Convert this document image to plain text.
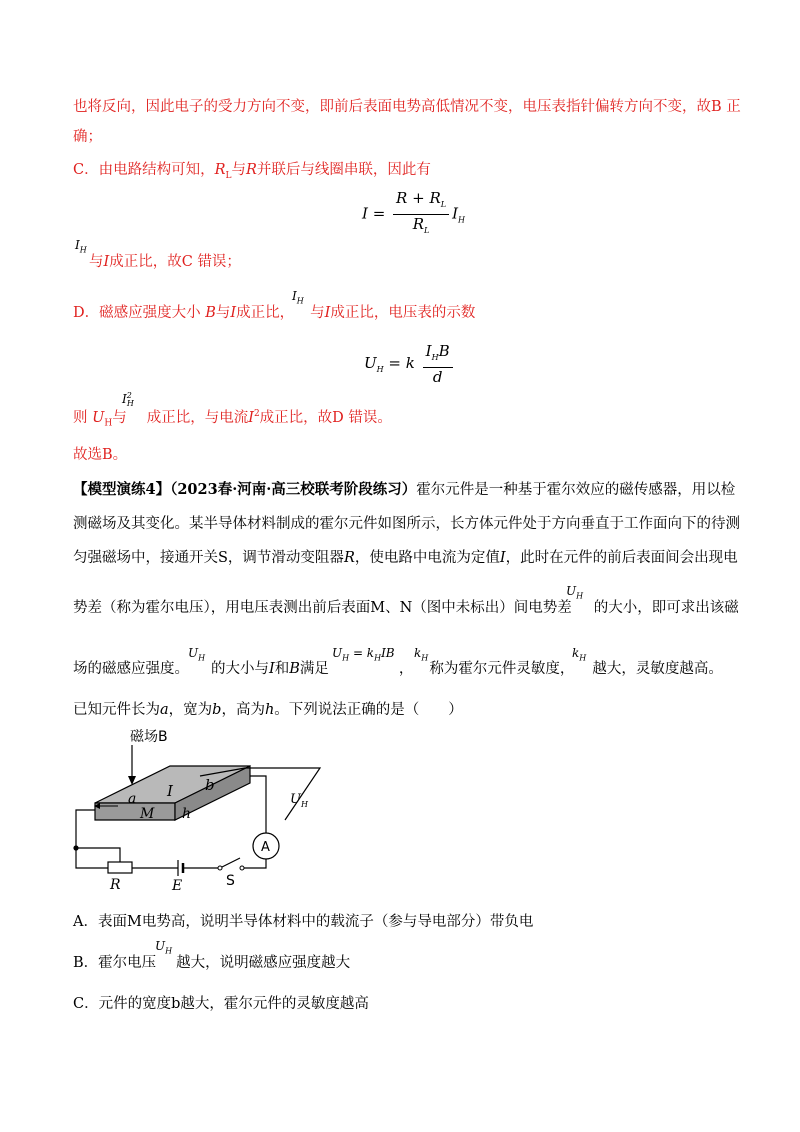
也将反向，因此电子的受力方向不变，即前后表面电势高低情况不变，电压表指针偏转方向不变，故B 正
确；
C．由电路结构可知，$R_L$与R并联后与线圈串联，因此有
$I = \frac{R + R_L}{R_L} I_H$
$I_H$
与I成正比，故C 错误；
D．磁感应强度大小 B与I成正比， 与I成正比，电压表的示数
$I_H$
$U_H = k \frac{I_HB}{d}$
则 $U_H$与 成正比，与电流$I^2$成正比，故D 错误。
$I^2_H$
故选B。
【模型演练4】（2023春·河南·高三校联考阶段练习）霍尔元件是一种基于霍尔效应的磁传感器，用以检
测磁场及其变化。某半导体材料制成的霍尔元件如图所示，长方体元件处于方向垂直于工作面向下的待测
匀强磁场中，接通开关S，调节滑动变阻器R，使电路中电流为定值I，此时在元件的前后表面间会出现电
势差（称为霍尔电压），用电压表测出前后表面M、N（图中未标出）间电势差 的大小，即可求出该磁
$U_H$
场的磁感应强度。 的大小与I和B满足	， 称为霍尔元件灵敏度， 越大，灵敏度越高。
$U_H$	$U_H = k_HIB$ $k_H$	$k_H$
已知元件长为a，宽为b，高为h。下列说法正确的是（　　）
磁场B
I b
a
M h
$U_H$
A
R	E	S
A．表面M电势高，说明半导体材料中的载流子（参与导电部分）带负电
B．霍尔电压 越大，说明磁感应强度越大
$U_H$
C．元件的宽度b越大，霍尔元件的灵敏度越高
